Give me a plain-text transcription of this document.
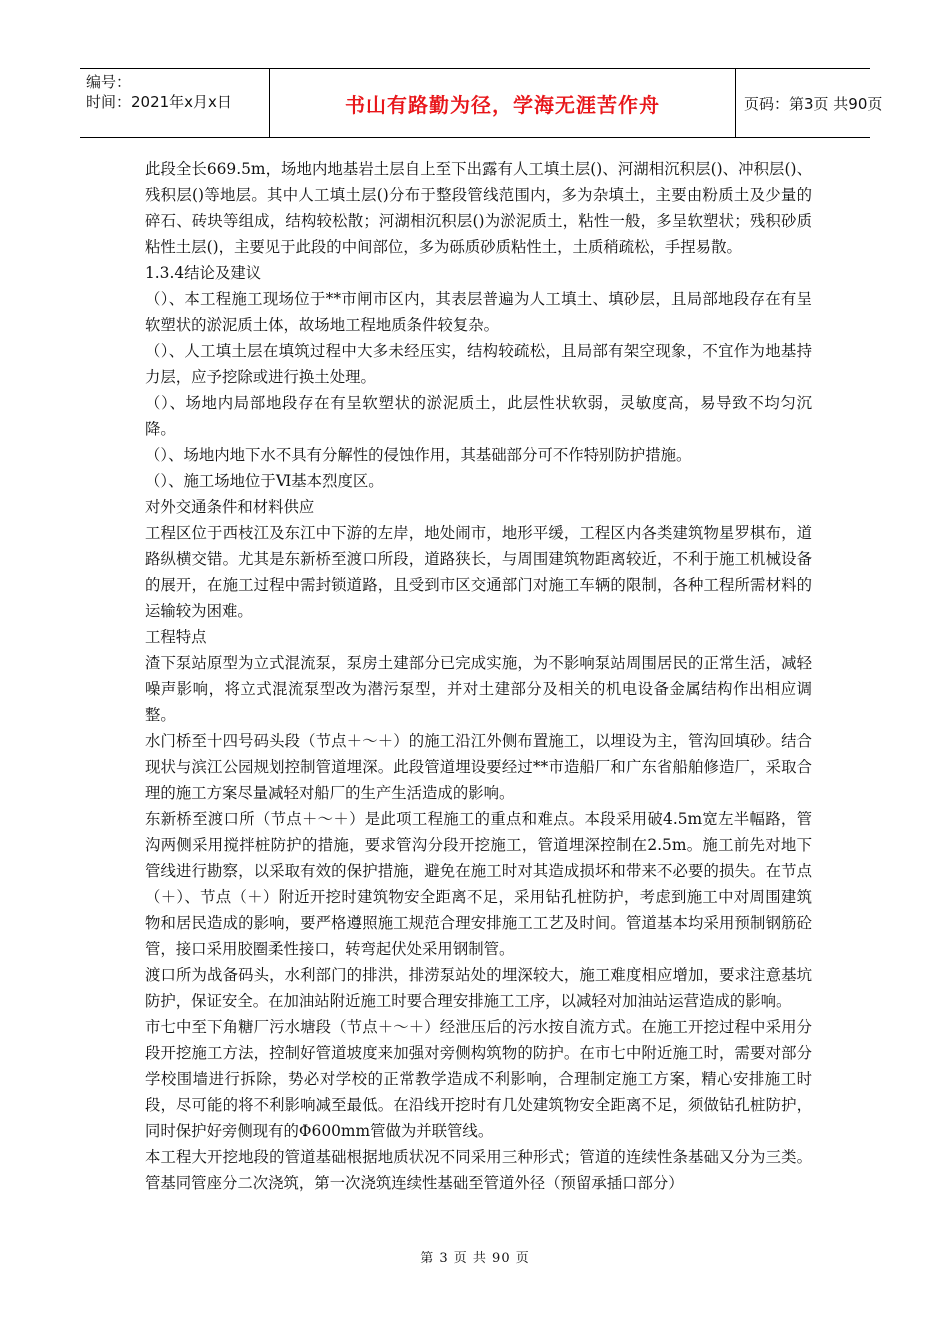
编号：
时间：2021年x月x日	书山有路勤为径，学海无涯苦作舟	页码：第3页 共90页

此段全长669.5m，场地内地基岩土层自上至下出露有人工填土层()、河湖相沉积层()、冲积层()、残积层()等地层。其中人工填土层()分布于整段管线范围内，多为杂填土，主要由粉质土及少量的碎石、砖块等组成，结构较松散；河湖相沉积层()为淤泥质土，粘性一般，多呈软塑状；残积砂质粘性土层()，主要见于此段的中间部位，多为砾质砂质粘性土，土质稍疏松，手捏易散。

1.3.4结论及建议

（）、本工程施工现场位于**市闸市区内，其表层普遍为人工填土、填砂层，且局部地段存在有呈软塑状的淤泥质土体，故场地工程地质条件较复杂。

（）、人工填土层在填筑过程中大多未经压实，结构较疏松，且局部有架空现象，不宜作为地基持力层，应予挖除或进行换土处理。

（）、场地内局部地段存在有呈软塑状的淤泥质土，此层性状软弱，灵敏度高，易导致不均匀沉降。

（）、场地内地下水不具有分解性的侵蚀作用，其基础部分可不作特别防护措施。

（）、施工场地位于Ⅵ基本烈度区。

对外交通条件和材料供应

工程区位于西枝江及东江中下游的左岸，地处闹市，地形平缓，工程区内各类建筑物星罗棋布，道路纵横交错。尤其是东新桥至渡口所段，道路狭长，与周围建筑物距离较近，不利于施工机械设备的展开，在施工过程中需封锁道路，且受到市区交通部门对施工车辆的限制，各种工程所需材料的运输较为困难。

工程特点

渣下泵站原型为立式混流泵，泵房土建部分已完成实施，为不影响泵站周围居民的正常生活，减轻噪声影响，将立式混流泵型改为潜污泵型，并对土建部分及相关的机电设备金属结构作出相应调整。

水门桥至十四号码头段（节点＋～＋）的施工沿江外侧布置施工，以埋设为主，管沟回填砂。结合现状与滨江公园规划控制管道埋深。此段管道埋设要经过**市造船厂和广东省船舶修造厂，采取合理的施工方案尽量减轻对船厂的生产生活造成的影响。

东新桥至渡口所（节点＋～＋）是此项工程施工的重点和难点。本段采用破4.5m宽左半幅路，管沟两侧采用搅拌桩防护的措施，要求管沟分段开挖施工，管道埋深控制在2.5m。施工前先对地下管线进行勘察，以采取有效的保护措施，避免在施工时对其造成损坏和带来不必要的损失。在节点（＋）、节点（＋）附近开挖时建筑物安全距离不足，采用钻孔桩防护，考虑到施工中对周围建筑物和居民造成的影响，要严格遵照施工规范合理安排施工工艺及时间。管道基本均采用预制钢筋砼管，接口采用胶圈柔性接口，转弯起伏处采用钢制管。

渡口所为战备码头，水利部门的排洪，排涝泵站处的埋深较大，施工难度相应增加，要求注意基坑防护，保证安全。在加油站附近施工时要合理安排施工工序，以减轻对加油站运营造成的影响。

市七中至下角糖厂污水塘段（节点＋～＋）经泄压后的污水按自流方式。在施工开挖过程中采用分段开挖施工方法，控制好管道坡度来加强对旁侧构筑物的防护。在市七中附近施工时，需要对部分学校围墙进行拆除，势必对学校的正常教学造成不利影响，合理制定施工方案，精心安排施工时段，尽可能的将不利影响减至最低。在沿线开挖时有几处建筑物安全距离不足，须做钻孔桩防护，同时保护好旁侧现有的Φ600mm管做为并联管线。

本工程大开挖地段的管道基础根据地质状况不同采用三种形式；管道的连续性条基础又分为三类。管基同管座分二次浇筑，第一次浇筑连续性基础至管道外径（预留承插口部分）

第 3 页 共 90 页
